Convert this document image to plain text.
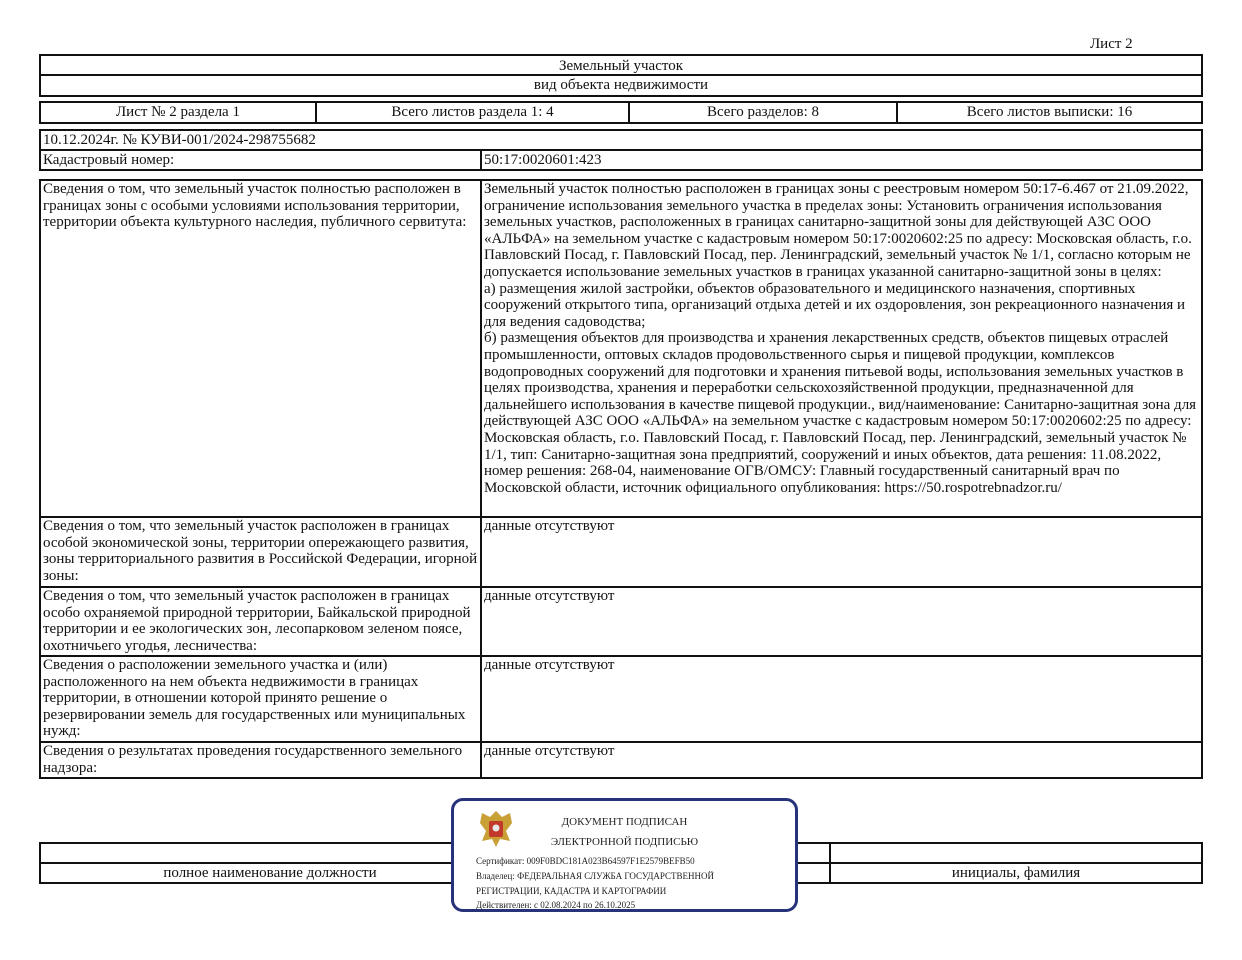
Лист 2
Земельный участок
вид объекта недвижимости
Лист № 2 раздела 1	Всего листов раздела 1: 4	Всего разделов: 8	Всего листов выписки: 16
10.12.2024г. № КУВИ-001/2024-298755682
Кадастровый номер:	50:17:0020601:423
Сведения о том, что земельный участок полностью расположен в границах зоны с особыми условиями использования территории, территории объекта культурного наследия, публичного сервитута:	Земельный участок полностью расположен в границах зоны с реестровым номером 50:17-6.467 от 21.09.2022, ограничение использования земельного участка в пределах зоны: Установить ограничения использования земельных участков, расположенных в границах санитарно-защитной зоны для действующей АЗС ООО «АЛЬФА» на земельном участке с кадастровым номером 50:17:0020602:25 по адресу: Московская область, г.о. Павловский Посад, г. Павловский Посад, пер. Ленинградский, земельный участок № 1/1, согласно которым не допускается использование земельных участков в границах указанной санитарно-защитной зоны в целях:
а) размещения жилой застройки, объектов образовательного и медицинского назначения, спортивных сооружений открытого типа, организаций отдыха детей и их оздоровления, зон рекреационного назначения и для ведения садоводства;
б) размещения объектов для производства и хранения лекарственных средств, объектов пищевых отраслей промышленности, оптовых складов продовольственного сырья и пищевой продукции, комплексов водопроводных сооружений для подготовки и хранения питьевой воды, использования земельных участков в целях производства, хранения и переработки сельскохозяйственной продукции, предназначенной для дальнейшего использования в качестве пищевой продукции., вид/наименование: Санитарно-защитная зона для действующей АЗС ООО «АЛЬФА» на земельном участке с кадастровым номером 50:17:0020602:25 по адресу: Московская область, г.о. Павловский Посад, г. Павловский Посад, пер. Ленинградский, земельный участок № 1/1, тип: Санитарно-защитная зона предприятий, сооружений и иных объектов, дата решения: 11.08.2022, номер решения: 268-04, наименование ОГВ/ОМСУ: Главный государственный санитарный врач по Московской области, источник официального опубликования: https://50.rospotrebnadzor.ru/
Сведения о том, что земельный участок расположен в границах особой экономической зоны, территории опережающего развития, зоны территориального развития в Российской Федерации, игорной зоны:	данные отсутствуют
Сведения о том, что земельный участок расположен в границах особо охраняемой природной территории, Байкальской природной территории и ее экологических зон, лесопарковом зеленом поясе, охотничьего угодья, лесничества:	данные отсутствуют
Сведения о расположении земельного участка и (или) расположенного на нем объекта недвижимости в границах территории, в отношении которой принято решение о резервировании земель для государственных или муниципальных нужд:	данные отсутствуют
Сведения о результатах проведения государственного земельного надзора:	данные отсутствуют

полное наименование должности		инициалы, фамилия
ДОКУМЕНТ ПОДПИСАН
ЭЛЕКТРОННОЙ ПОДПИСЬЮ
Сертификат: 009F0BDC181A023B64597F1E2579BEFB50
Владелец: ФЕДЕРАЛЬНАЯ СЛУЖБА ГОСУДАРСТВЕННОЙ
РЕГИСТРАЦИИ, КАДАСТРА И КАРТОГРАФИИ
Действителен: с 02.08.2024 по 26.10.2025
